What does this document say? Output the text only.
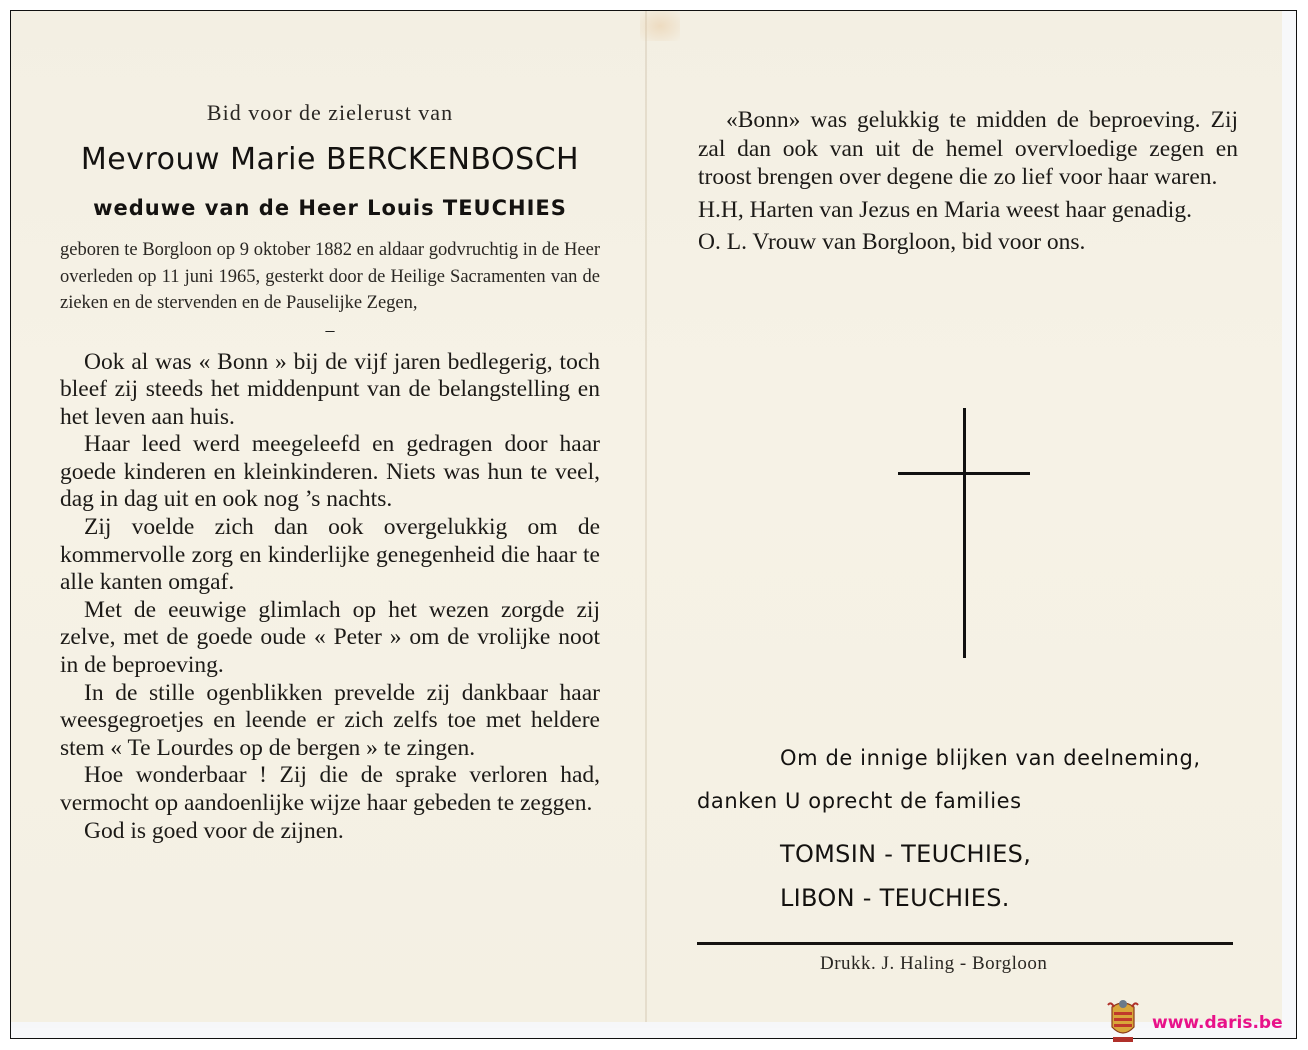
Bid voor de zielerust van

Mevrouw Marie BERCKENBOSCH

weduwe van de Heer Louis TEUCHIES

geboren te Borgloon op 9 oktober 1882 en aldaar godvruchtig in de Heer overleden op 11 juni 1965, gesterkt door de Heilige Sacramenten van de zieken en de stervenden en de Pauselijke Zegen,

–

Ook al was « Bonn » bij de vijf jaren bedlegerig, toch bleef zij steeds het middenpunt van de belangstelling en het leven aan huis.

Haar leed werd meegeleefd en gedragen door haar goede kinderen en kleinkinderen. Niets was hun te veel, dag in dag uit en ook nog ’s nachts.

Zij voelde zich dan ook overgelukkig om de kommervolle zorg en kinderlijke genegenheid die haar te alle kanten omgaf.

Met de eeuwige glimlach op het wezen zorgde zij zelve, met de goede oude « Peter » om de vrolijke noot in de beproeving.

In de stille ogenblikken prevelde zij dankbaar haar weesgegroetjes en leende er zich zelfs toe met heldere stem « Te Lourdes op de bergen » te zingen.

Hoe wonderbaar ! Zij die de sprake verloren had, vermocht op aandoenlijke wijze haar gebeden te zeggen.

God is goed voor de zijnen.

«Bonn» was gelukkig te midden de beproeving. Zij zal dan ook van uit de hemel overvloedige zegen en troost brengen over degene die zo lief voor haar waren.

H.H, Harten van Jezus en Maria weest haar genadig.

O. L. Vrouw van Borgloon, bid voor ons.

Om de innige blijken van deelneming,
danken U oprecht de families
TOMSIN - TEUCHIES,
LIBON - TEUCHIES.
Drukk. J. Haling - Borgloon
www.daris.be
